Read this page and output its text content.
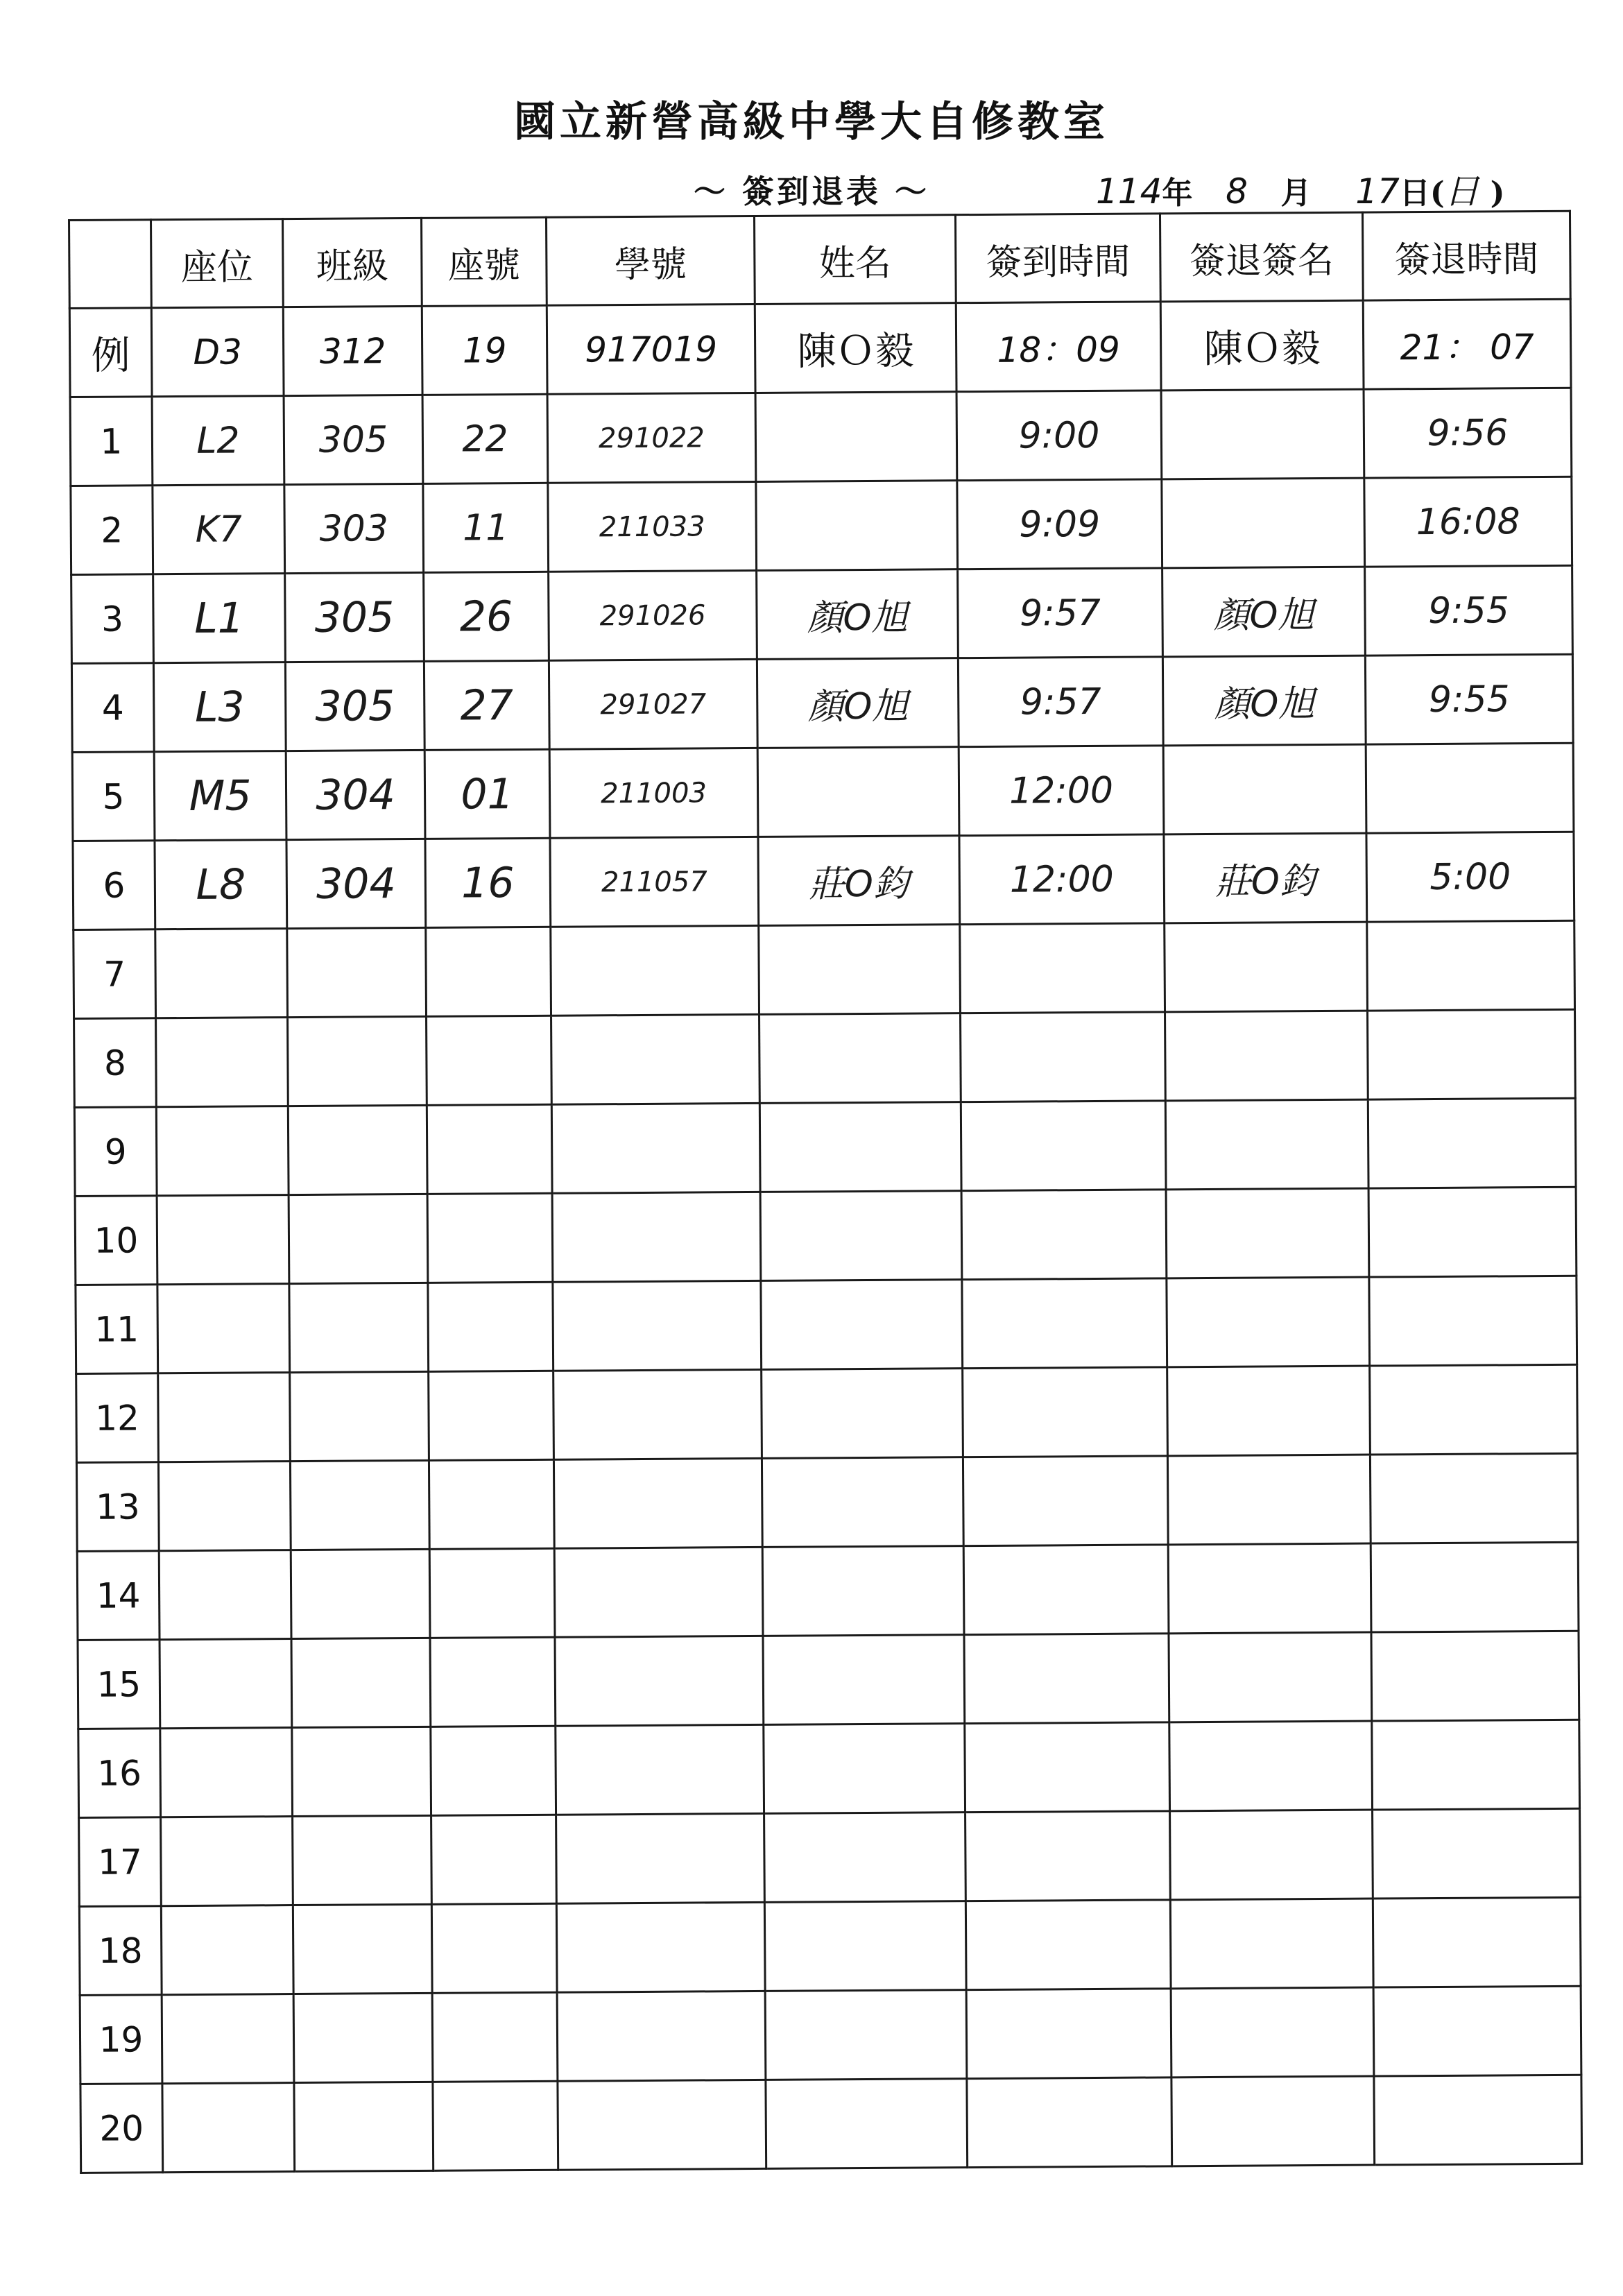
國立新營高級中學大自修教室
～ 簽到退表 ～	114年 8 月 17日(日 )
	座位	班級	座號	學號	姓名	簽到時間	簽退簽名	簽退時間
例	D3	312	19	917019	陳Ｏ毅	18：09	陳Ｏ毅	21： 07
1	L2	305	22	291022		9:00		9:56
2	K7	303	11	211033		9:09		16:08
3	L1	305	26	291026	顏O旭	9:57	顏O旭	9:55
4	L3	305	27	291027	顏O旭	9:57	顏O旭	9:55
5	M5	304	01	211003		12:00		
6	L8	304	16	211057	莊O鈞	12:00	莊O鈞	5:00
7								
8								
9								
10								
11								
12								
13								
14								
15								
16								
17								
18								
19								
20								
